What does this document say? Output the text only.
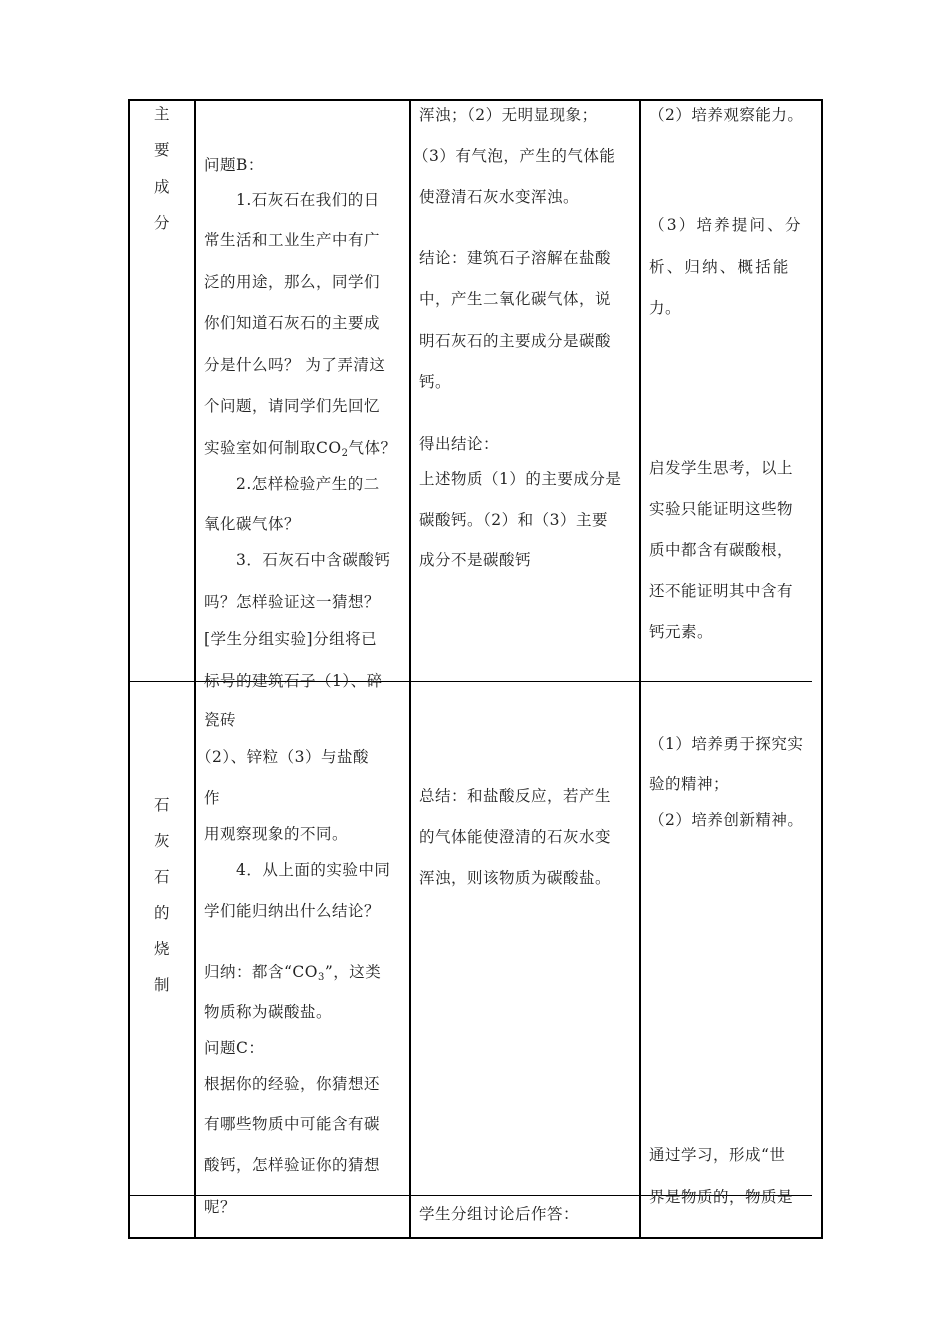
主
要
成
分
石
灰
石
的
烧
制
问题B：
1.石灰石在我们的日
常生活和工业生产中有广
泛的用途，那么，同学们
你们知道石灰石的主要成
分是什么吗？ 为了弄清这
个问题，请同学们先回忆
实验室如何制取$CO_2$气体？
2.怎样检验产生的二
氧化碳气体？
3．石灰石中含碳酸钙
吗？怎样验证这一猜想？
[学生分组实验]分组将已
标号的建筑石子（1）、碎
瓷砖
（2）、锌粒（3）与盐酸
作
用观察现象的不同。
4．从上面的实验中同
学们能归纳出什么结论？
归纳：都含“$CO_3$”，这类
物质称为碳酸盐。
问题C：
根据你的经验，你猜想还
有哪些物质中可能含有碳
酸钙，怎样验证你的猜想
呢？
浑浊；（2）无明显现象；
（3）有气泡，产生的气体能
使澄清石灰水变浑浊。
结论：建筑石子溶解在盐酸
中，产生二氧化碳气体，说
明石灰石的主要成分是碳酸
钙。
得出结论：
上述物质（1）的主要成分是
碳酸钙。（2）和（3）主要
成分不是碳酸钙
总结：和盐酸反应，若产生
的气体能使澄清的石灰水变
浑浊，则该物质为碳酸盐。
学生分组讨论后作答：
（2）培养观察能力。
（3）培养提问、分
析、归纳、概括能
力。
启发学生思考，以上
实验只能证明这些物
质中都含有碳酸根，
还不能证明其中含有
钙元素。
（1）培养勇于探究实
验的精神；
（2）培养创新精神。
通过学习，形成“世
界是物质的，物质是
